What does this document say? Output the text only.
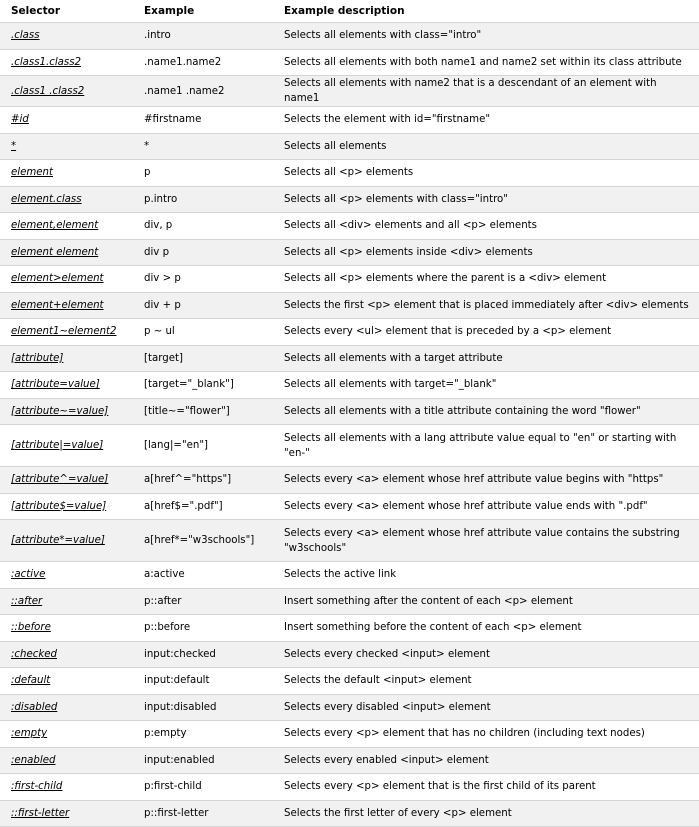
Selector	Example	Example description
.class	.intro	Selects all elements with class="intro"
.class1.class2	.name1.name2	Selects all elements with both name1 and name2 set within its class attribute
.class1 .class2	.name1 .name2	Selects all elements with name2 that is a descendant of an element with name1
#id	#firstname	Selects the element with id="firstname"
*	*	Selects all elements
element	p	Selects all <p> elements
element.class	p.intro	Selects all <p> elements with class="intro"
element,element	div, p	Selects all <div> elements and all <p> elements
element element	div p	Selects all <p> elements inside <div> elements
element>element	div > p	Selects all <p> elements where the parent is a <div> element
element+element	div + p	Selects the first <p> element that is placed immediately after <div> elements
element1~element2	p ~ ul	Selects every <ul> element that is preceded by a <p> element
[attribute]	[target]	Selects all elements with a target attribute
[attribute=value]	[target="_blank"]	Selects all elements with target="_blank"
[attribute~=value]	[title~="flower"]	Selects all elements with a title attribute containing the word "flower"
[attribute|=value]	[lang|="en"]	Selects all elements with a lang attribute value equal to "en" or starting with "en-"
[attribute^=value]	a[href^="https"]	Selects every <a> element whose href attribute value begins with "https"
[attribute$=value]	a[href$=".pdf"]	Selects every <a> element whose href attribute value ends with ".pdf"
[attribute*=value]	a[href*="w3schools"]	Selects every <a> element whose href attribute value contains the substring "w3schools"
:active	a:active	Selects the active link
::after	p::after	Insert something after the content of each <p> element
::before	p::before	Insert something before the content of each <p> element
:checked	input:checked	Selects every checked <input> element
:default	input:default	Selects the default <input> element
:disabled	input:disabled	Selects every disabled <input> element
:empty	p:empty	Selects every <p> element that has no children (including text nodes)
:enabled	input:enabled	Selects every enabled <input> element
:first-child	p:first-child	Selects every <p> element that is the first child of its parent
::first-letter	p::first-letter	Selects the first letter of every <p> element
